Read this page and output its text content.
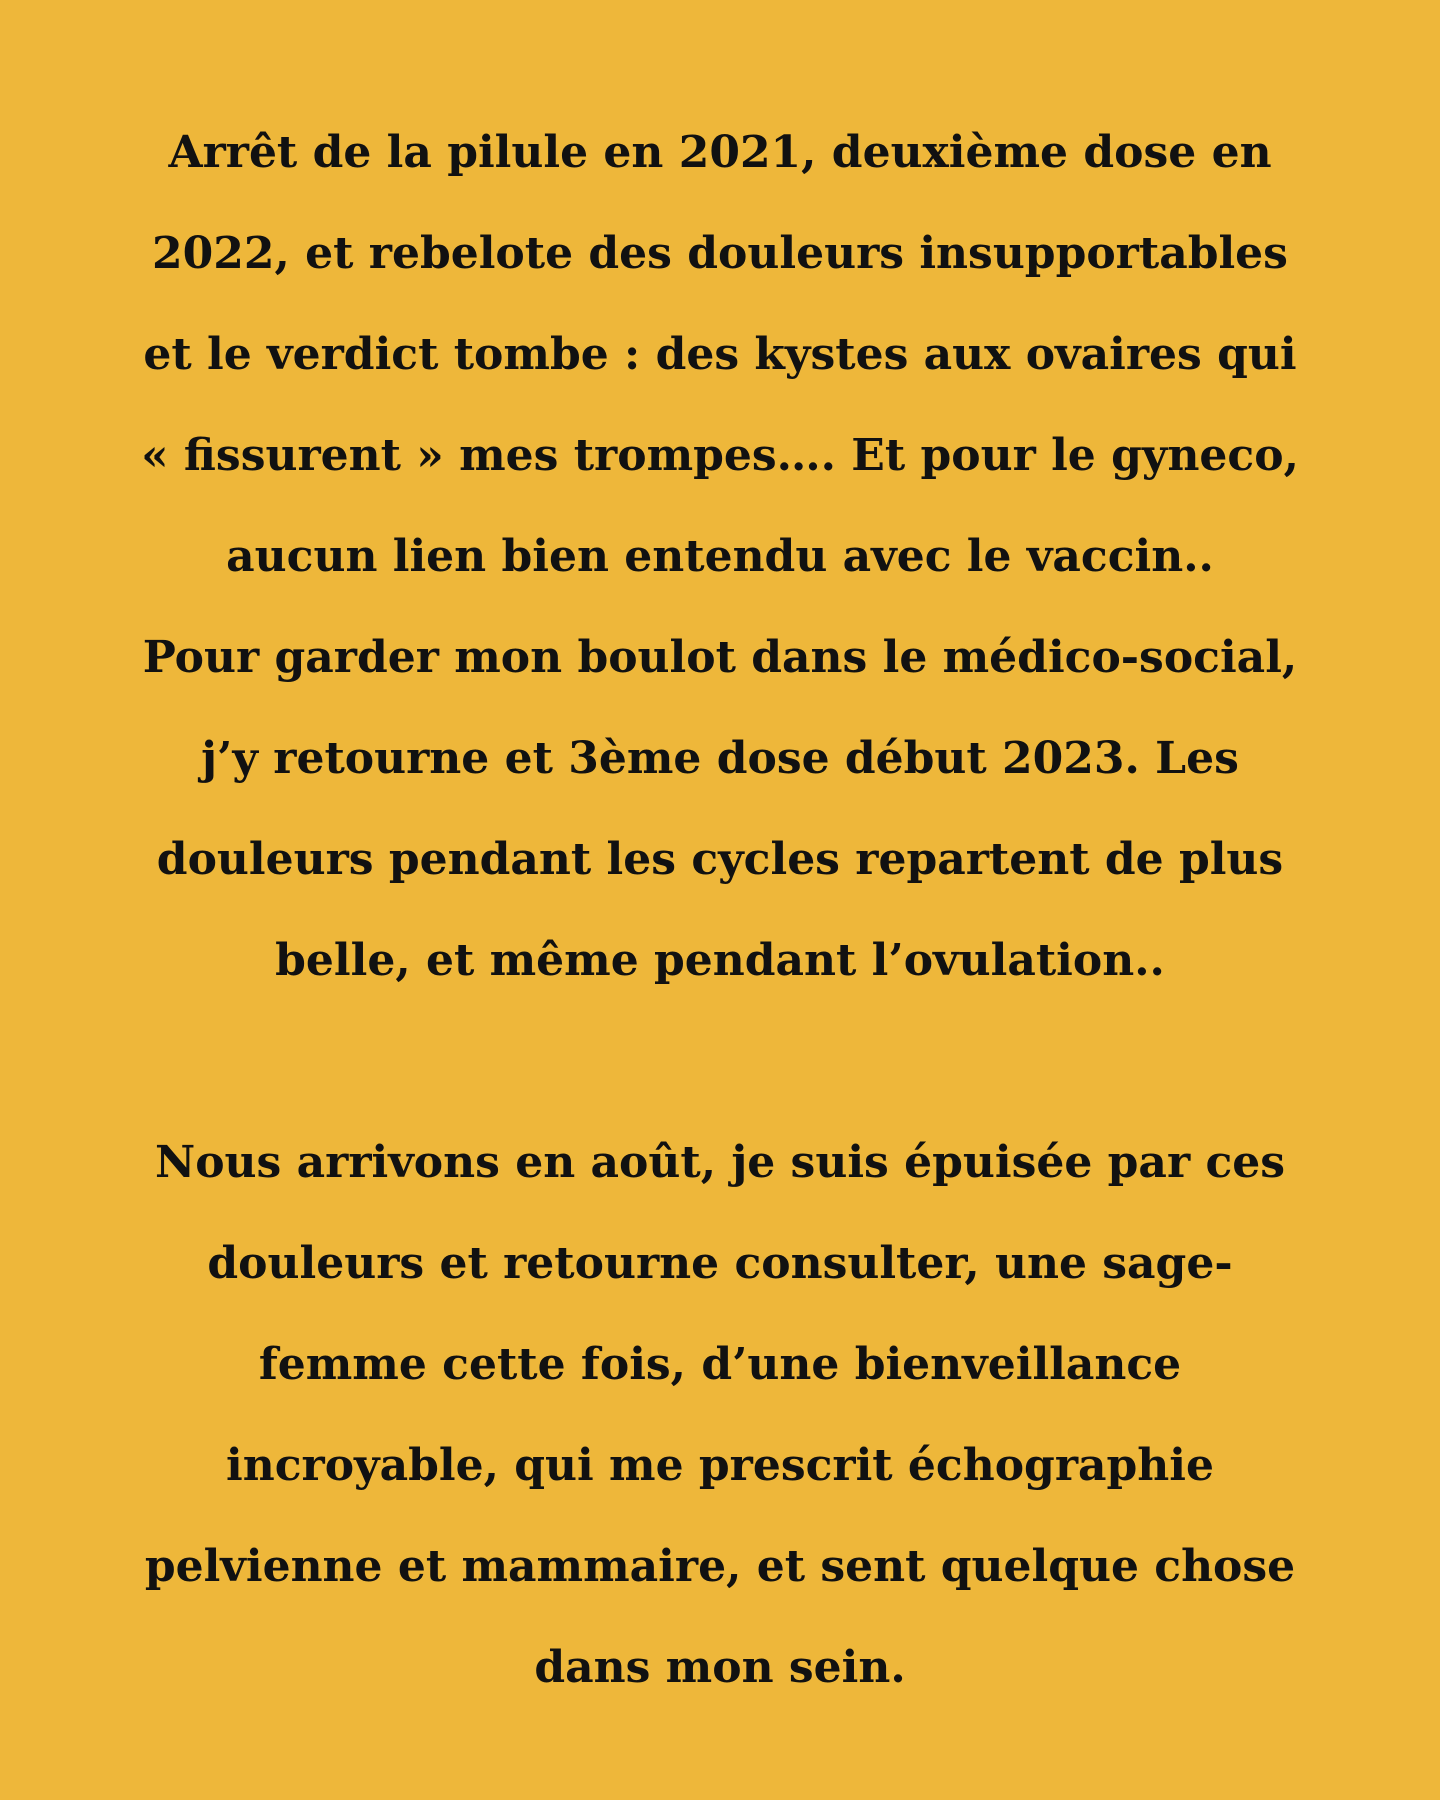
Arrêt de la pilule en 2021, deuxième dose en
2022, et rebelote des douleurs insupportables
et le verdict tombe : des kystes aux ovaires qui
« fissurent » mes trompes…. Et pour le gyneco,
aucun lien bien entendu avec le vaccin..
Pour garder mon boulot dans le médico-social,
j’y retourne et 3ème dose début 2023. Les
douleurs pendant les cycles repartent de plus
belle, et même pendant l’ovulation..
Nous arrivons en août, je suis épuisée par ces
douleurs et retourne consulter, une sage-
femme cette fois, d’une bienveillance
incroyable, qui me prescrit échographie
pelvienne et mammaire, et sent quelque chose
dans mon sein.
